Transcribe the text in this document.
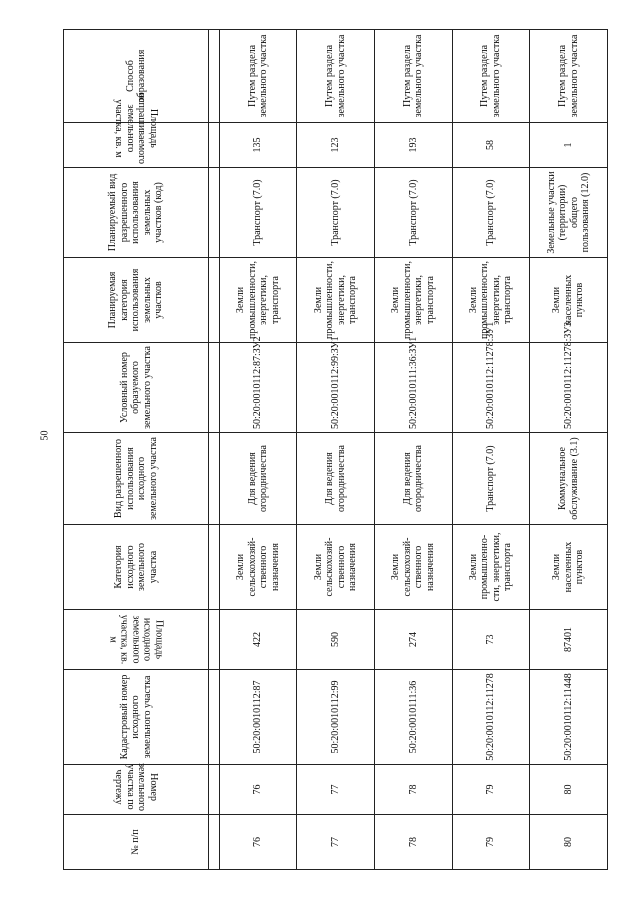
50
№ п/п	Номер земельного участка по чертежу	Кадастровый номер исходного земельного участка	Площадь исходного земельного участка, кв. м	Категория исходного земельного участка	Вид разрешенного использования исходного земельного участка	Условный номер образуемого земельного участка	Планируемая категория использования земельных участков	Планируемый вид разрешенного использования земельных участков (код)	Площадь испрашиваемого земельного участка, кв. м	Способ образования

76	76	50:20:0010112:87	422	Земли сельскохозяй-ственного назначения	Для ведения огородничества	50:20:0010112:87:ЗУ2	Земли промышленности, энергетики, транспорта	Транспорт (7.0)	135	Путем раздела земельного участка
77	77	50:20:0010112:99	590	Земли сельскохозяй-ственного назначения	Для ведения огородничества	50:20:0010112:99:ЗУ1	Земли промышленности, энергетики, транспорта	Транспорт (7.0)	123	Путем раздела земельного участка
78	78	50:20:0010111:36	274	Земли сельскохозяй-ственного назначения	Для ведения огородничества	50:20:0010111:36:ЗУ1	Земли промышленности, энергетики, транспорта	Транспорт (7.0)	193	Путем раздела земельного участка
79	79	50:20:0010112:11278	73	Земли промышленно-сти, энергетики, транспорта	Транспорт (7.0)	50:20:0010112:11278:ЗУ1	Земли промышленности, энергетики, транспорта	Транспорт (7.0)	58	Путем раздела земельного участка
80	80	50:20:0010112:11448	87401	Земли населенных пунктов	Коммунальное обслуживание (3.1)	50:20:0010112:11278:ЗУ3	Земли населенных пунктов	Земельные участки (территории) общего пользования (12.0)	1	Путем раздела земельного участка
